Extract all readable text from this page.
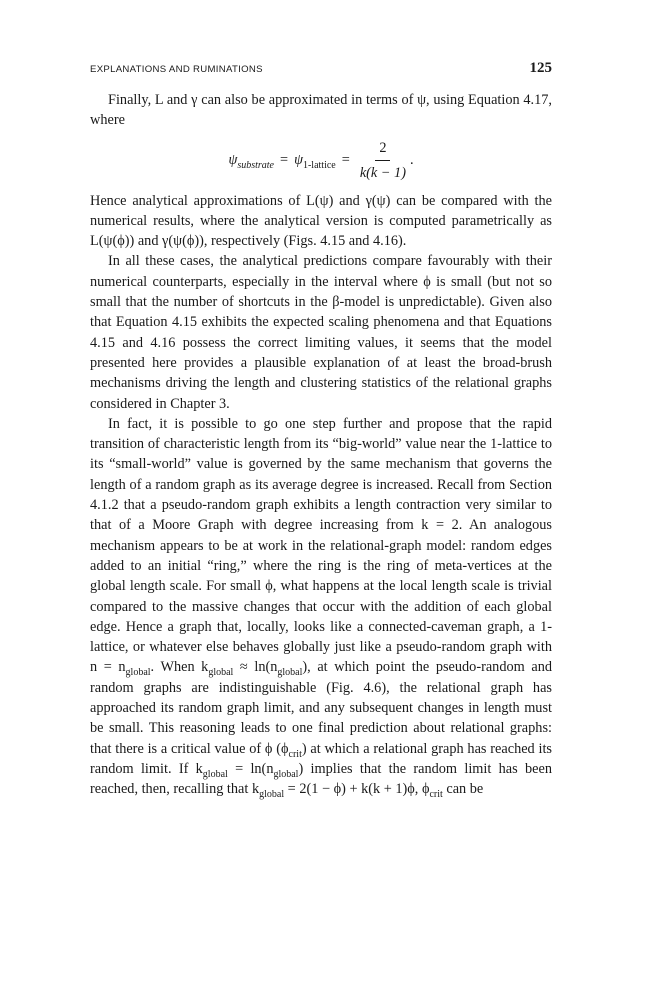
EXPLANATIONS AND RUMINATIONS	125

Finally, L and γ can also be approximated in terms of ψ, using Equation 4.17, where

$\psi_{substrate} = \psi_{1-lattice} = \frac{2}{k(k - 1)}$ .

Hence analytical approximations of L(ψ) and γ(ψ) can be compared with the numerical results, where the analytical version is computed parametrically as L(ψ(ϕ)) and γ(ψ(ϕ)), respectively (Figs. 4.15 and 4.16).

In all these cases, the analytical predictions compare favourably with their numerical counterparts, especially in the interval where ϕ is small (but not so small that the number of shortcuts in the β-model is unpredictable). Given also that Equation 4.15 exhibits the expected scaling phenomena and that Equations 4.15 and 4.16 possess the correct limiting values, it seems that the model presented here provides a plausible explanation of at least the broad-brush mechanisms driving the length and clustering statistics of the relational graphs considered in Chapter 3.

In fact, it is possible to go one step further and propose that the rapid transition of characteristic length from its “big-world” value near the 1-lattice to its “small-world” value is governed by the same mechanism that governs the length of a random graph as its average degree is increased. Recall from Section 4.1.2 that a pseudo-random graph exhibits a length contraction very similar to that of a Moore Graph with degree increasing from k = 2. An analogous mechanism appears to be at work in the relational-graph model: random edges added to an initial “ring,” where the ring is the ring of meta-vertices at the global length scale. For small ϕ, what happens at the local length scale is trivial compared to the massive changes that occur with the addition of each global edge. Hence a graph that, locally, looks like a connected-caveman graph, a 1-lattice, or whatever else behaves globally just like a pseudo-random graph with $n = n_{global}$. When $k_{global} \approx \ln(n_{global})$, at which point the pseudo-random and random graphs are indistinguishable (Fig. 4.6), the relational graph has approached its random graph limit, and any subsequent changes in length must be small. This reasoning leads to one final prediction about relational graphs: that there is a critical value of ϕ $(\phi_{crit})$ at which a relational graph has reached its random limit. If $k_{global} = \ln(n_{global})$ implies that the random limit has been reached, then, recalling that $k_{global} = 2(1 - \phi) + k(k + 1)\phi$, $\phi_{crit}$ can be
